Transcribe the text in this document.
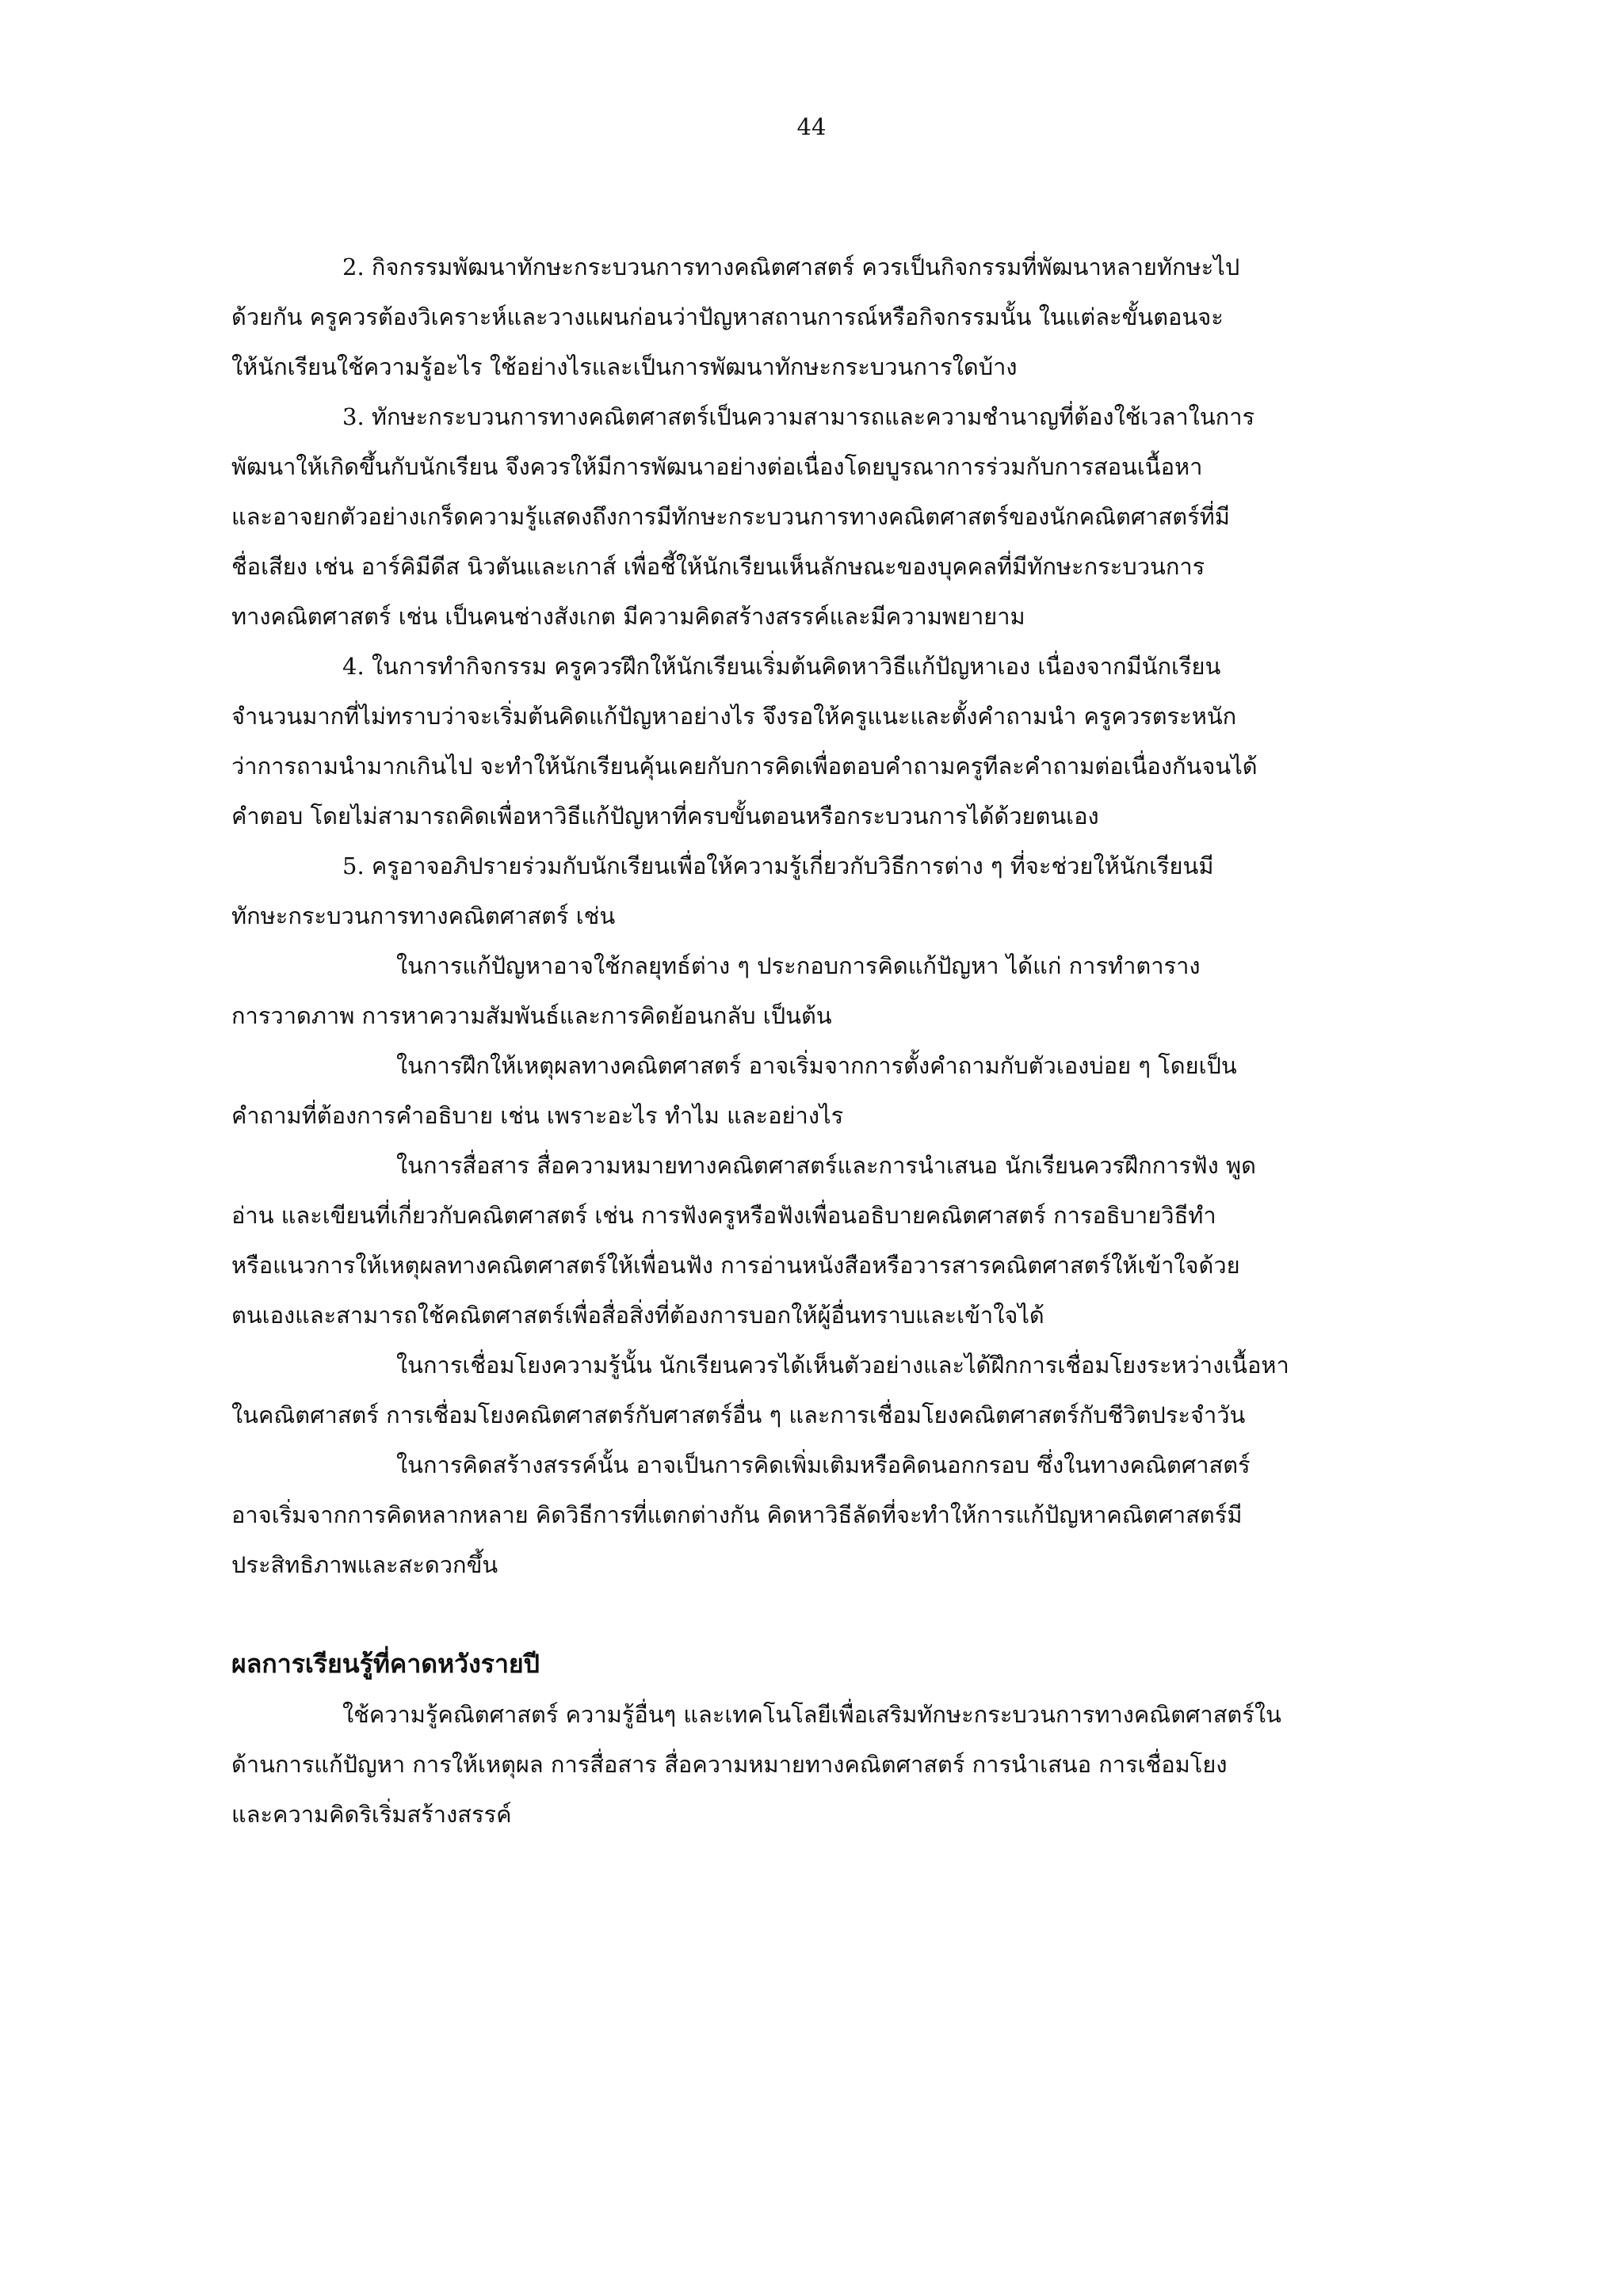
44

2. กิจกรรมพัฒนาทักษะกระบวนการทางคณิตศาสตร์ ควรเป็นกิจกรรมที่พัฒนาหลายทักษะไป

ด้วยกัน ครูควรต้องวิเคราะห์และวางแผนก่อนว่าปัญหาสถานการณ์หรือกิจกรรมนั้น ในแต่ละขั้นตอนจะ
ให้นักเรียนใช้ความรู้อะไร ใช้อย่างไรและเป็นการพัฒนาทักษะกระบวนการใดบ้าง

3. ทักษะกระบวนการทางคณิตศาสตร์เป็นความสามารถและความชำนาญที่ต้องใช้เวลาในการ

พัฒนาให้เกิดขึ้นกับนักเรียน จึงควรให้มีการพัฒนาอย่างต่อเนื่องโดยบูรณาการร่วมกับการสอนเนื้อหา
และอาจยกตัวอย่างเกร็ดความรู้แสดงถึงการมีทักษะกระบวนการทางคณิตศาสตร์ของนักคณิตศาสตร์ที่มี
ชื่อเสียง เช่น อาร์คิมีดีส นิวตันและเกาส์ เพื่อชี้ให้นักเรียนเห็นลักษณะของบุคคลที่มีทักษะกระบวนการ
ทางคณิตศาสตร์ เช่น เป็นคนช่างสังเกต มีความคิดสร้างสรรค์และมีความพยายาม

4. ในการทำกิจกรรม ครูควรฝึกให้นักเรียนเริ่มต้นคิดหาวิธีแก้ปัญหาเอง เนื่องจากมีนักเรียน

จำนวนมากที่ไม่ทราบว่าจะเริ่มต้นคิดแก้ปัญหาอย่างไร จึงรอให้ครูแนะและตั้งคำถามนำ ครูควรตระหนัก
ว่าการถามนำมากเกินไป จะทำให้นักเรียนคุ้นเคยกับการคิดเพื่อตอบคำถามครูทีละคำถามต่อเนื่องกันจนได้
คำตอบ โดยไม่สามารถคิดเพื่อหาวิธีแก้ปัญหาที่ครบขั้นตอนหรือกระบวนการได้ด้วยตนเอง

5. ครูอาจอภิปรายร่วมกับนักเรียนเพื่อให้ความรู้เกี่ยวกับวิธีการต่าง ๆ ที่จะช่วยให้นักเรียนมี

ทักษะกระบวนการทางคณิตศาสตร์ เช่น

ในการแก้ปัญหาอาจใช้กลยุทธ์ต่าง ๆ ประกอบการคิดแก้ปัญหา ได้แก่ การทำตาราง

การวาดภาพ การหาความสัมพันธ์และการคิดย้อนกลับ เป็นต้น

ในการฝึกให้เหตุผลทางคณิตศาสตร์ อาจเริ่มจากการตั้งคำถามกับตัวเองบ่อย ๆ โดยเป็น

คำถามที่ต้องการคำอธิบาย เช่น เพราะอะไร ทำไม และอย่างไร

ในการสื่อสาร สื่อความหมายทางคณิตศาสตร์และการนำเสนอ นักเรียนควรฝึกการฟัง พูด

อ่าน และเขียนที่เกี่ยวกับคณิตศาสตร์ เช่น การฟังครูหรือฟังเพื่อนอธิบายคณิตศาสตร์ การอธิบายวิธีทำ
หรือแนวการให้เหตุผลทางคณิตศาสตร์ให้เพื่อนฟัง การอ่านหนังสือหรือวารสารคณิตศาสตร์ให้เข้าใจด้วย
ตนเองและสามารถใช้คณิตศาสตร์เพื่อสื่อสิ่งที่ต้องการบอกให้ผู้อื่นทราบและเข้าใจได้

ในการเชื่อมโยงความรู้นั้น นักเรียนควรได้เห็นตัวอย่างและได้ฝึกการเชื่อมโยงระหว่างเนื้อหา

ในคณิตศาสตร์ การเชื่อมโยงคณิตศาสตร์กับศาสตร์อื่น ๆ และการเชื่อมโยงคณิตศาสตร์กับชีวิตประจำวัน

ในการคิดสร้างสรรค์นั้น อาจเป็นการคิดเพิ่มเติมหรือคิดนอกกรอบ ซึ่งในทางคณิตศาสตร์

อาจเริ่มจากการคิดหลากหลาย คิดวิธีการที่แตกต่างกัน คิดหาวิธีลัดที่จะทำให้การแก้ปัญหาคณิตศาสตร์มี
ประสิทธิภาพและสะดวกขึ้น

ผลการเรียนรู้ที่คาดหวังรายปี

ใช้ความรู้คณิตศาสตร์ ความรู้อื่นๆ และเทคโนโลยีเพื่อเสริมทักษะกระบวนการทางคณิตศาสตร์ใน

ด้านการแก้ปัญหา การให้เหตุผล การสื่อสาร สื่อความหมายทางคณิตศาสตร์ การนำเสนอ การเชื่อมโยง
และความคิดริเริ่มสร้างสรรค์
